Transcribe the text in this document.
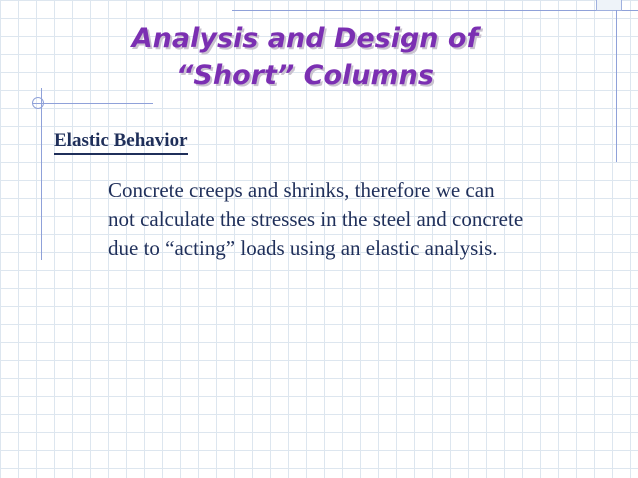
Analysis and Design of
“Short” Columns
Elastic Behavior

Concrete creeps and shrinks, therefore we can
not calculate the stresses in the steel and concrete
due to “acting” loads using an elastic analysis.
